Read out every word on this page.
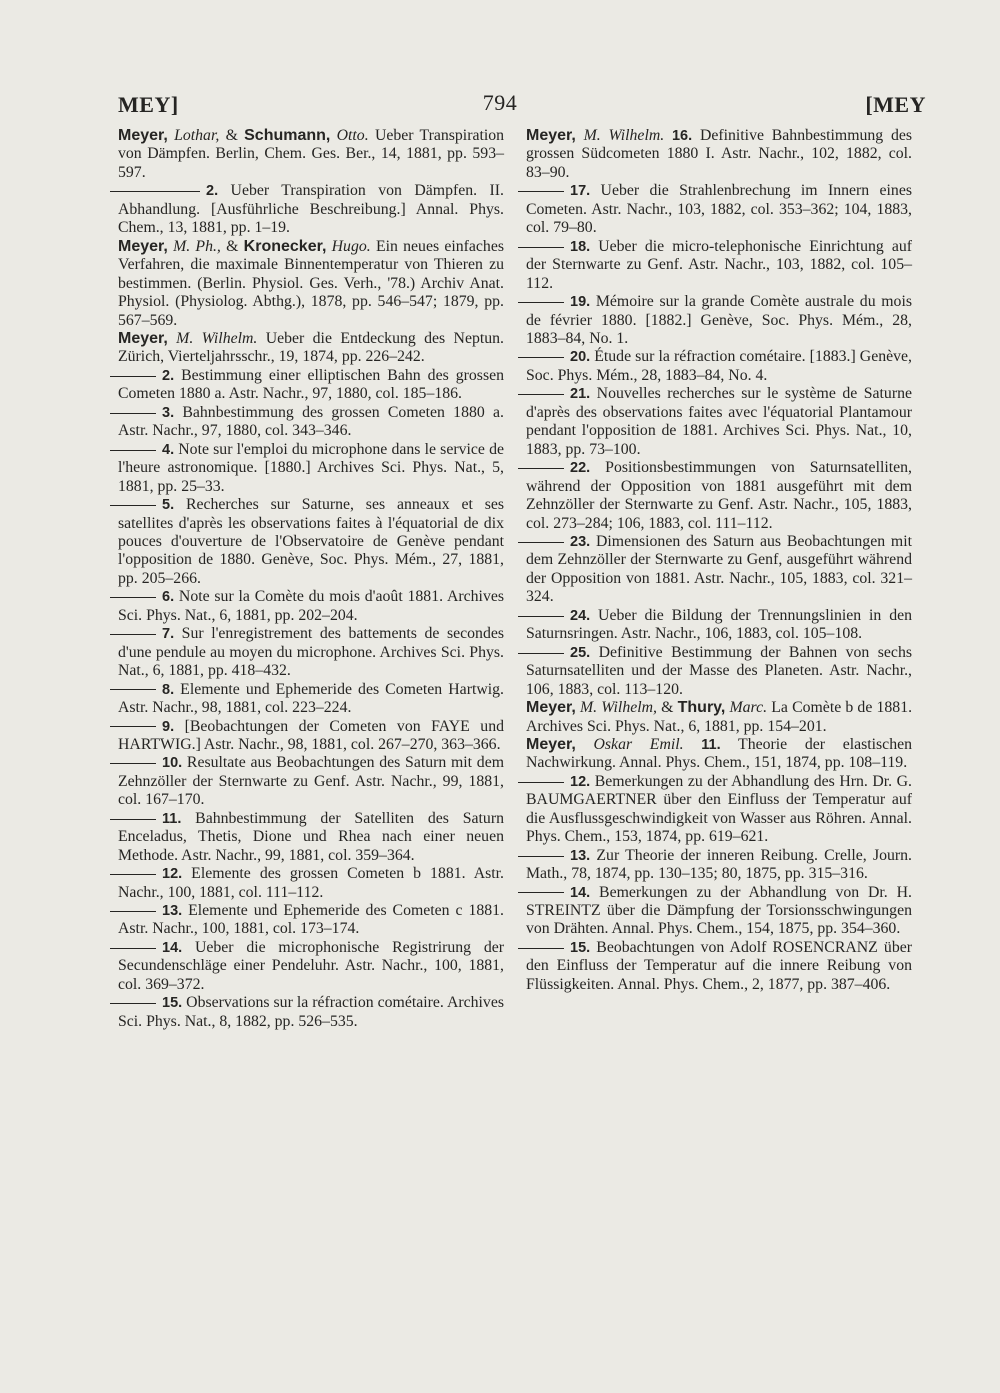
MEY]	794	[MEY

Meyer, Lothar, & Schumann, Otto. Ueber Transpiration von Dämpfen. Berlin, Chem. Ges. Ber., 14, 1881, pp. 593–597.

2. Ueber Transpiration von Dämpfen. II. Abhandlung. [Ausführliche Beschreibung.] Annal. Phys. Chem., 13, 1881, pp. 1–19.

Meyer, M. Ph., & Kronecker, Hugo. Ein neues einfaches Verfahren, die maximale Binnentemperatur von Thieren zu bestimmen. (Berlin. Physiol. Ges. Verh., '78.) Archiv Anat. Physiol. (Physiolog. Abthg.), 1878, pp. 546–547; 1879, pp. 567–569.

Meyer, M. Wilhelm. Ueber die Entdeckung des Neptun. Zürich, Vierteljahrsschr., 19, 1874, pp. 226–242.

2. Bestimmung einer elliptischen Bahn des grossen Cometen 1880 a. Astr. Nachr., 97, 1880, col. 185–186.

3. Bahnbestimmung des grossen Cometen 1880 a. Astr. Nachr., 97, 1880, col. 343–346.

4. Note sur l'emploi du microphone dans le service de l'heure astronomique. [1880.] Archives Sci. Phys. Nat., 5, 1881, pp. 25–33.

5. Recherches sur Saturne, ses anneaux et ses satellites d'après les observations faites à l'équatorial de dix pouces d'ouverture de l'Observatoire de Genève pendant l'opposition de 1880. Genève, Soc. Phys. Mém., 27, 1881, pp. 205–266.

6. Note sur la Comète du mois d'août 1881. Archives Sci. Phys. Nat., 6, 1881, pp. 202–204.

7. Sur l'enregistrement des battements de secondes d'une pendule au moyen du microphone. Archives Sci. Phys. Nat., 6, 1881, pp. 418–432.

8. Elemente und Ephemeride des Cometen Hartwig. Astr. Nachr., 98, 1881, col. 223–224.

9. [Beobachtungen der Cometen von FAYE und HARTWIG.] Astr. Nachr., 98, 1881, col. 267–270, 363–366.

10. Resultate aus Beobachtungen des Saturn mit dem Zehnzöller der Sternwarte zu Genf. Astr. Nachr., 99, 1881, col. 167–170.

11. Bahnbestimmung der Satelliten des Saturn Enceladus, Thetis, Dione und Rhea nach einer neuen Methode. Astr. Nachr., 99, 1881, col. 359–364.

12. Elemente des grossen Cometen b 1881. Astr. Nachr., 100, 1881, col. 111–112.

13. Elemente und Ephemeride des Cometen c 1881. Astr. Nachr., 100, 1881, col. 173–174.

14. Ueber die microphonische Registrirung der Secundenschläge einer Pendeluhr. Astr. Nachr., 100, 1881, col. 369–372.

15. Observations sur la réfraction cométaire. Archives Sci. Phys. Nat., 8, 1882, pp. 526–535.

Meyer, M. Wilhelm. 16. Definitive Bahnbestimmung des grossen Südcometen 1880 I. Astr. Nachr., 102, 1882, col. 83–90.

17. Ueber die Strahlenbrechung im Innern eines Cometen. Astr. Nachr., 103, 1882, col. 353–362; 104, 1883, col. 79–80.

18. Ueber die micro-telephonische Einrichtung auf der Sternwarte zu Genf. Astr. Nachr., 103, 1882, col. 105–112.

19. Mémoire sur la grande Comète australe du mois de février 1880. [1882.] Genève, Soc. Phys. Mém., 28, 1883–84, No. 1.

20. Étude sur la réfraction cométaire. [1883.] Genève, Soc. Phys. Mém., 28, 1883–84, No. 4.

21. Nouvelles recherches sur le système de Saturne d'après des observations faites avec l'équatorial Plantamour pendant l'opposition de 1881. Archives Sci. Phys. Nat., 10, 1883, pp. 73–100.

22. Positionsbestimmungen von Saturnsatelliten, während der Opposition von 1881 ausgeführt mit dem Zehnzöller der Sternwarte zu Genf. Astr. Nachr., 105, 1883, col. 273–284; 106, 1883, col. 111–112.

23. Dimensionen des Saturn aus Beobachtungen mit dem Zehnzöller der Sternwarte zu Genf, ausgeführt während der Opposition von 1881. Astr. Nachr., 105, 1883, col. 321–324.

24. Ueber die Bildung der Trennungslinien in den Saturnsringen. Astr. Nachr., 106, 1883, col. 105–108.

25. Definitive Bestimmung der Bahnen von sechs Saturnsatelliten und der Masse des Planeten. Astr. Nachr., 106, 1883, col. 113–120.

Meyer, M. Wilhelm, & Thury, Marc. La Comète b de 1881. Archives Sci. Phys. Nat., 6, 1881, pp. 154–201.

Meyer, Oskar Emil. 11. Theorie der elastischen Nachwirkung. Annal. Phys. Chem., 151, 1874, pp. 108–119.

12. Bemerkungen zu der Abhandlung des Hrn. Dr. G. BAUMGAERTNER über den Einfluss der Temperatur auf die Ausflussgeschwindigkeit von Wasser aus Röhren. Annal. Phys. Chem., 153, 1874, pp. 619–621.

13. Zur Theorie der inneren Reibung. Crelle, Journ. Math., 78, 1874, pp. 130–135; 80, 1875, pp. 315–316.

14. Bemerkungen zu der Abhandlung von Dr. H. STREINTZ über die Dämpfung der Torsionsschwingungen von Drähten. Annal. Phys. Chem., 154, 1875, pp. 354–360.

15. Beobachtungen von Adolf ROSENCRANZ über den Einfluss der Temperatur auf die innere Reibung von Flüssigkeiten. Annal. Phys. Chem., 2, 1877, pp. 387–406.
